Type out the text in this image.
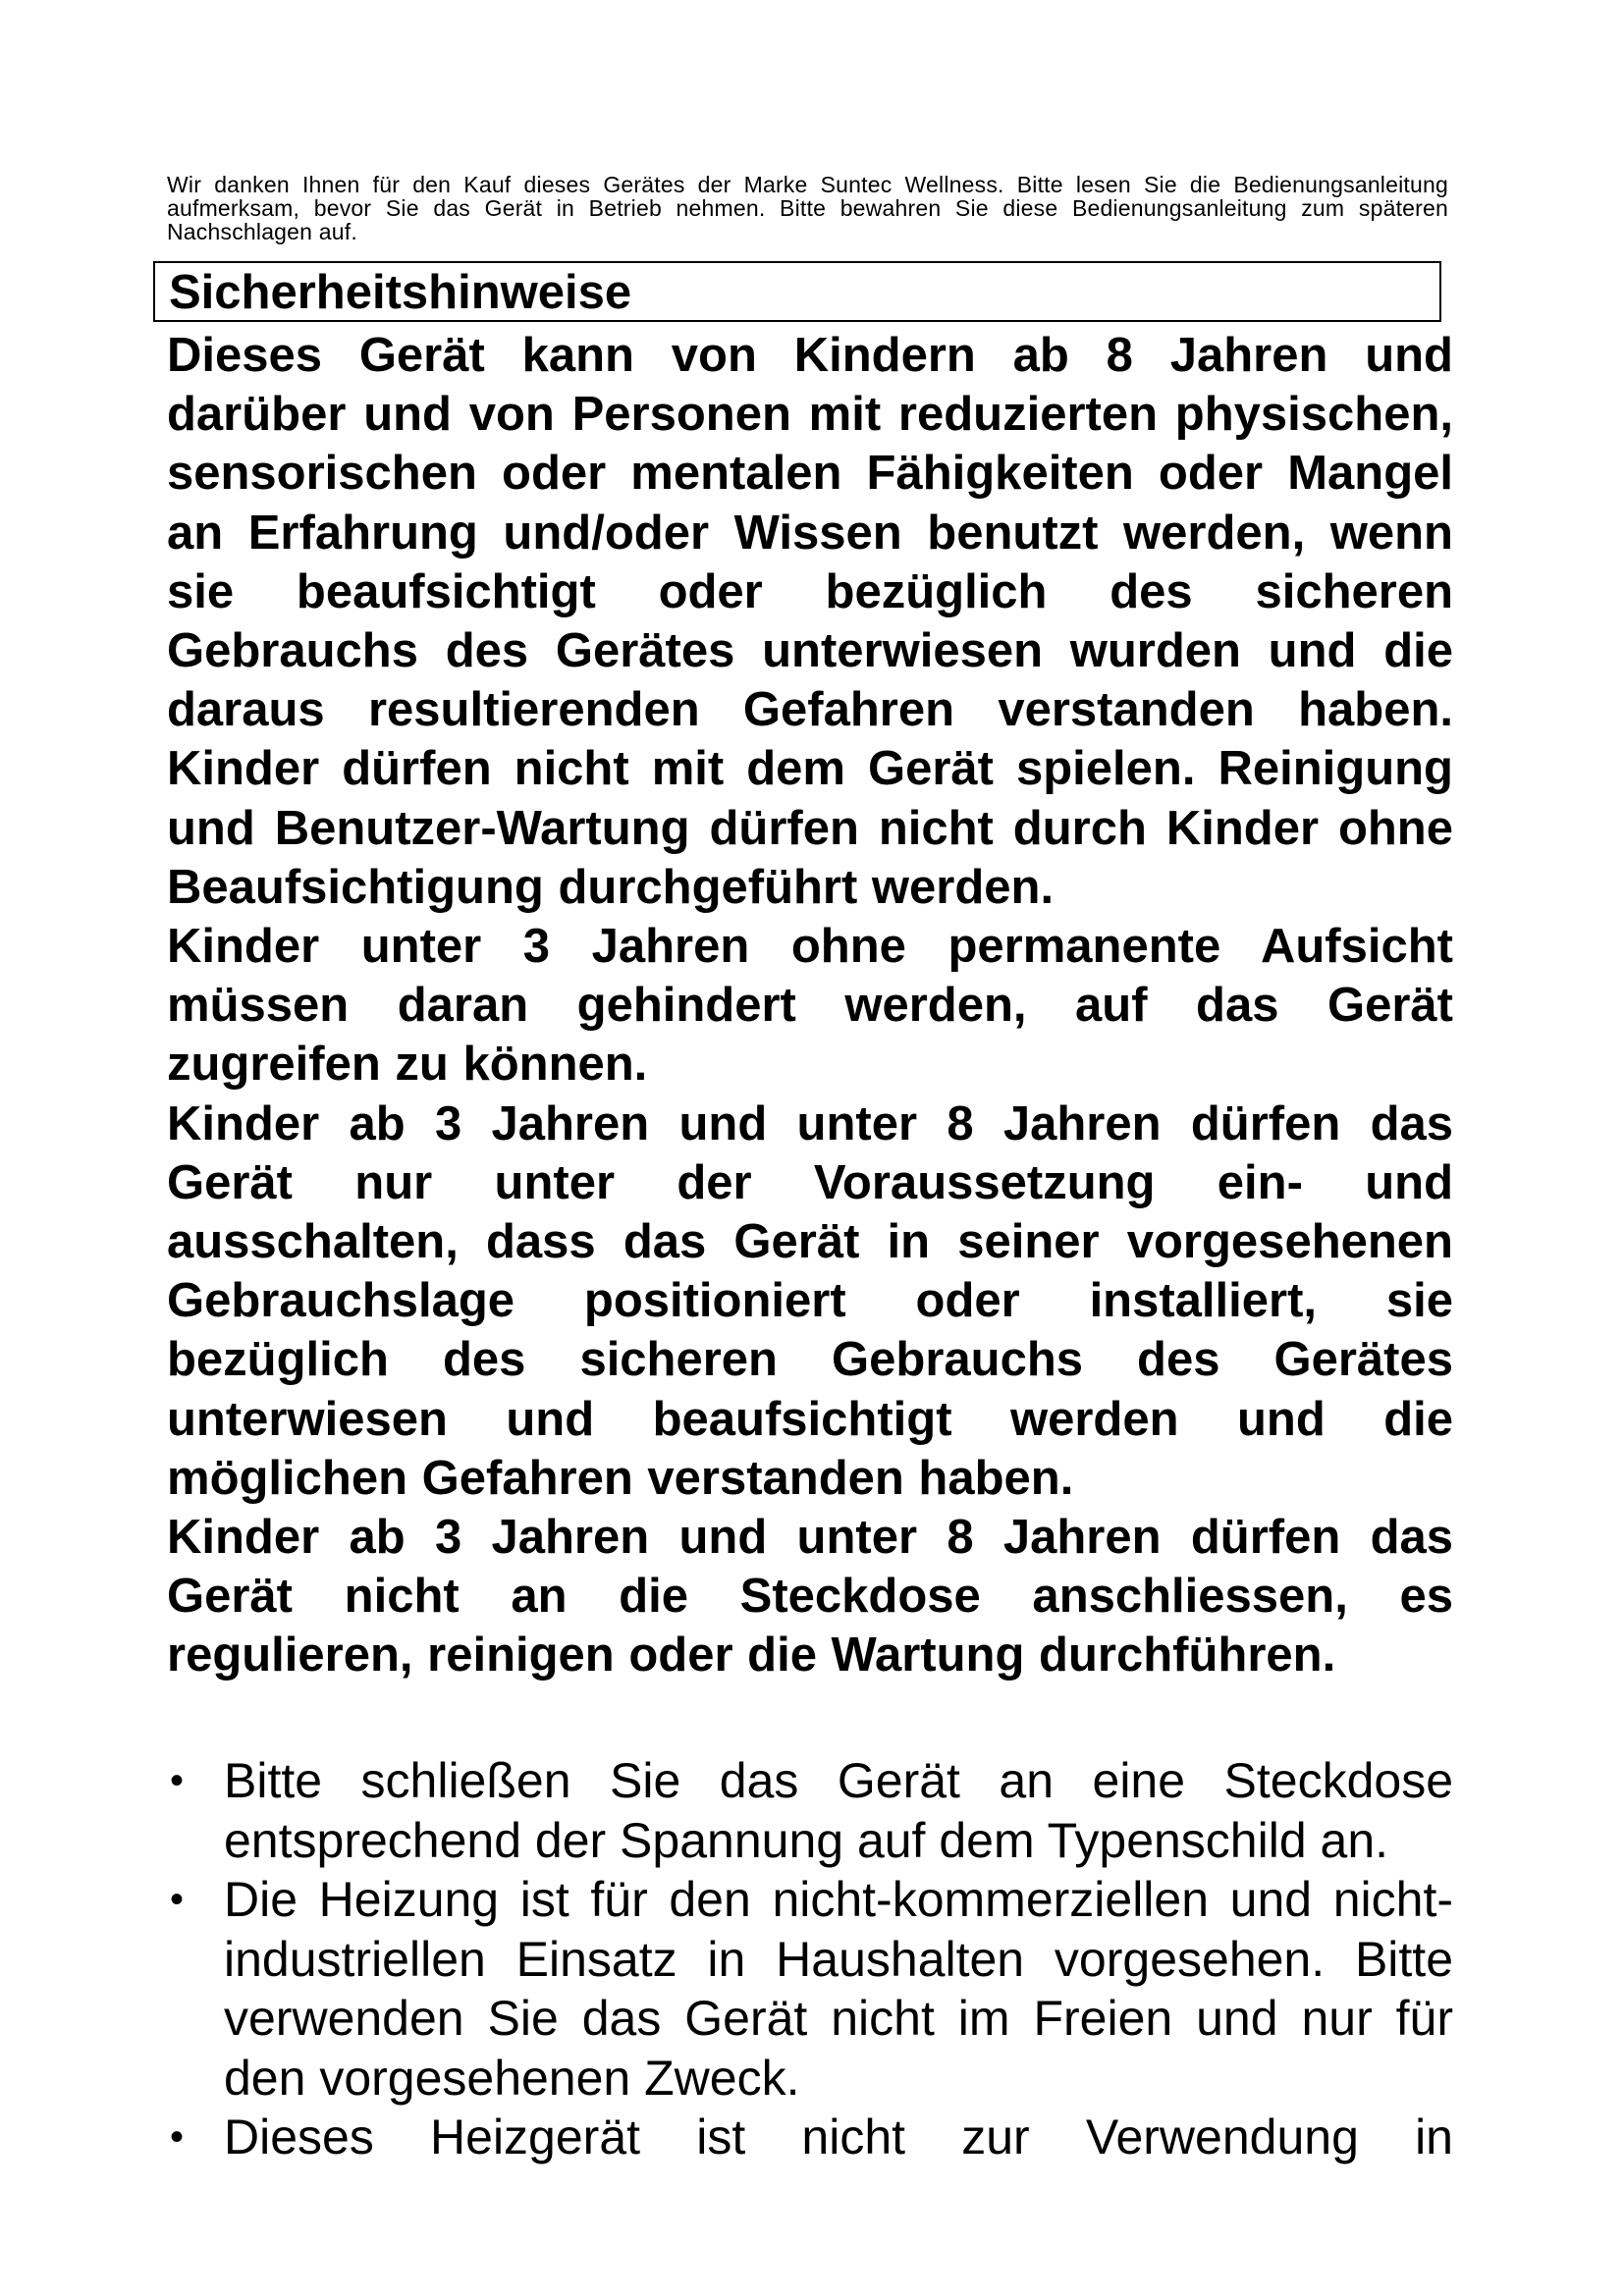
Wir danken Ihnen für den Kauf dieses Gerätes der Marke Suntec Wellness. Bitte lesen Sie die Bedienungsanleitung aufmerksam, bevor Sie das Gerät in Betrieb nehmen. Bitte bewahren Sie diese Bedienungsanleitung zum späteren Nachschlagen auf.

Sicherheitshinweise

Dieses Gerät kann von Kindern ab 8 Jahren und darüber und von Personen mit reduzierten physischen, sensorischen oder mentalen Fähigkeiten oder Mangel an Erfahrung und/oder Wissen benutzt werden, wenn sie beaufsichtigt oder bezüglich des sicheren Gebrauchs des Gerätes unterwiesen wurden und die daraus resultierenden Gefahren verstanden haben. Kinder dürfen nicht mit dem Gerät spielen. Reinigung und Benutzer-Wartung dürfen nicht durch Kinder ohne Beaufsichtigung durchgeführt werden.

Kinder unter 3 Jahren ohne permanente Aufsicht müssen daran gehindert werden, auf das Gerät zugreifen zu können.

Kinder ab 3 Jahren und unter 8 Jahren dürfen das Gerät nur unter der Voraussetzung ein- und ausschalten, dass das Gerät in seiner vorgesehenen Gebrauchslage positioniert oder installiert, sie bezüglich des sicheren Gebrauchs des Gerätes unterwiesen und beaufsichtigt werden und die möglichen Gefahren verstanden haben.

Kinder ab 3 Jahren und unter 8 Jahren dürfen das Gerät nicht an die Steckdose anschliessen, es regulieren, reinigen oder die Wartung durchführen.

• Bitte schließen Sie das Gerät an eine Steckdose entsprechend der Spannung auf dem Typenschild an.
• Die Heizung ist für den nicht-kommerziellen und nicht-industriellen Einsatz in Haushalten vorgesehen. Bitte verwenden Sie das Gerät nicht im Freien und nur für den vorgesehenen Zweck.
• Dieses Heizgerät ist nicht zur Verwendung in
